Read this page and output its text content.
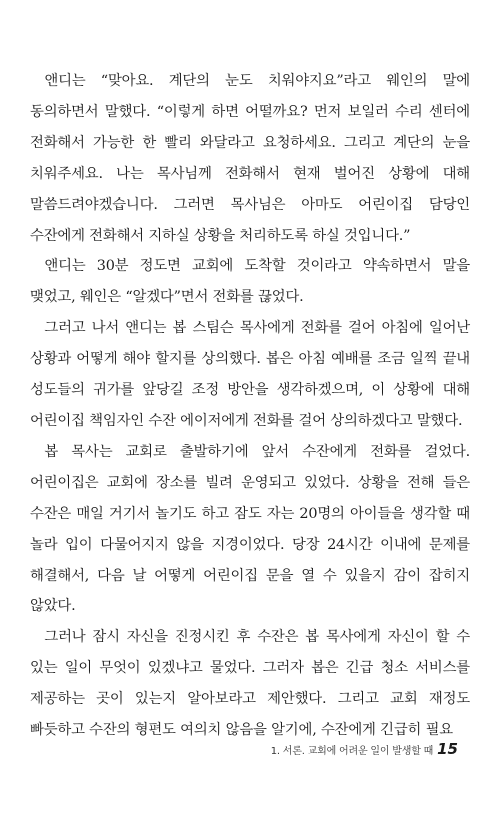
앤디는 “맞아요. 계단의 눈도 치워야지요”라고 웨인의 말에 동의하면서 말했다. “이렇게 하면 어떨까요? 먼저 보일러 수리 센터에 전화해서 가능한 한 빨리 와달라고 요청하세요. 그리고 계단의 눈을 치워주세요. 나는 목사님께 전화해서 현재 벌어진 상황에 대해 말씀드려야겠습니다. 그러면 목사님은 아마도 어린이집 담당인 수잔에게 전화해서 지하실 상황을 처리하도록 하실 것입니다.”

앤디는 30분 정도면 교회에 도착할 것이라고 약속하면서 말을 맺었고, 웨인은 “알겠다”면서 전화를 끊었다.

그러고 나서 앤디는 봅 스팀슨 목사에게 전화를 걸어 아침에 일어난 상황과 어떻게 해야 할지를 상의했다. 봅은 아침 예배를 조금 일찍 끝내 성도들의 귀가를 앞당길 조정 방안을 생각하겠으며, 이 상황에 대해 어린이집 책임자인 수잔 에이저에게 전화를 걸어 상의하겠다고 말했다.

봅 목사는 교회로 출발하기에 앞서 수잔에게 전화를 걸었다. 어린이집은 교회에 장소를 빌려 운영되고 있었다. 상황을 전해 들은 수잔은 매일 거기서 놀기도 하고 잠도 자는 20명의 아이들을 생각할 때 놀라 입이 다물어지지 않을 지경이었다. 당장 24시간 이내에 문제를 해결해서, 다음 날 어떻게 어린이집 문을 열 수 있을지 감이 잡히지 않았다.

그러나 잠시 자신을 진정시킨 후 수잔은 봅 목사에게 자신이 할 수 있는 일이 무엇이 있겠냐고 물었다. 그러자 봅은 긴급 청소 서비스를 제공하는 곳이 있는지 알아보라고 제안했다. 그리고 교회 재정도 빠듯하고 수잔의 형편도 여의치 않음을 알기에, 수잔에게 긴급히 필요

1. 서론. 교회에 어려운 일이 발생할 때 15
